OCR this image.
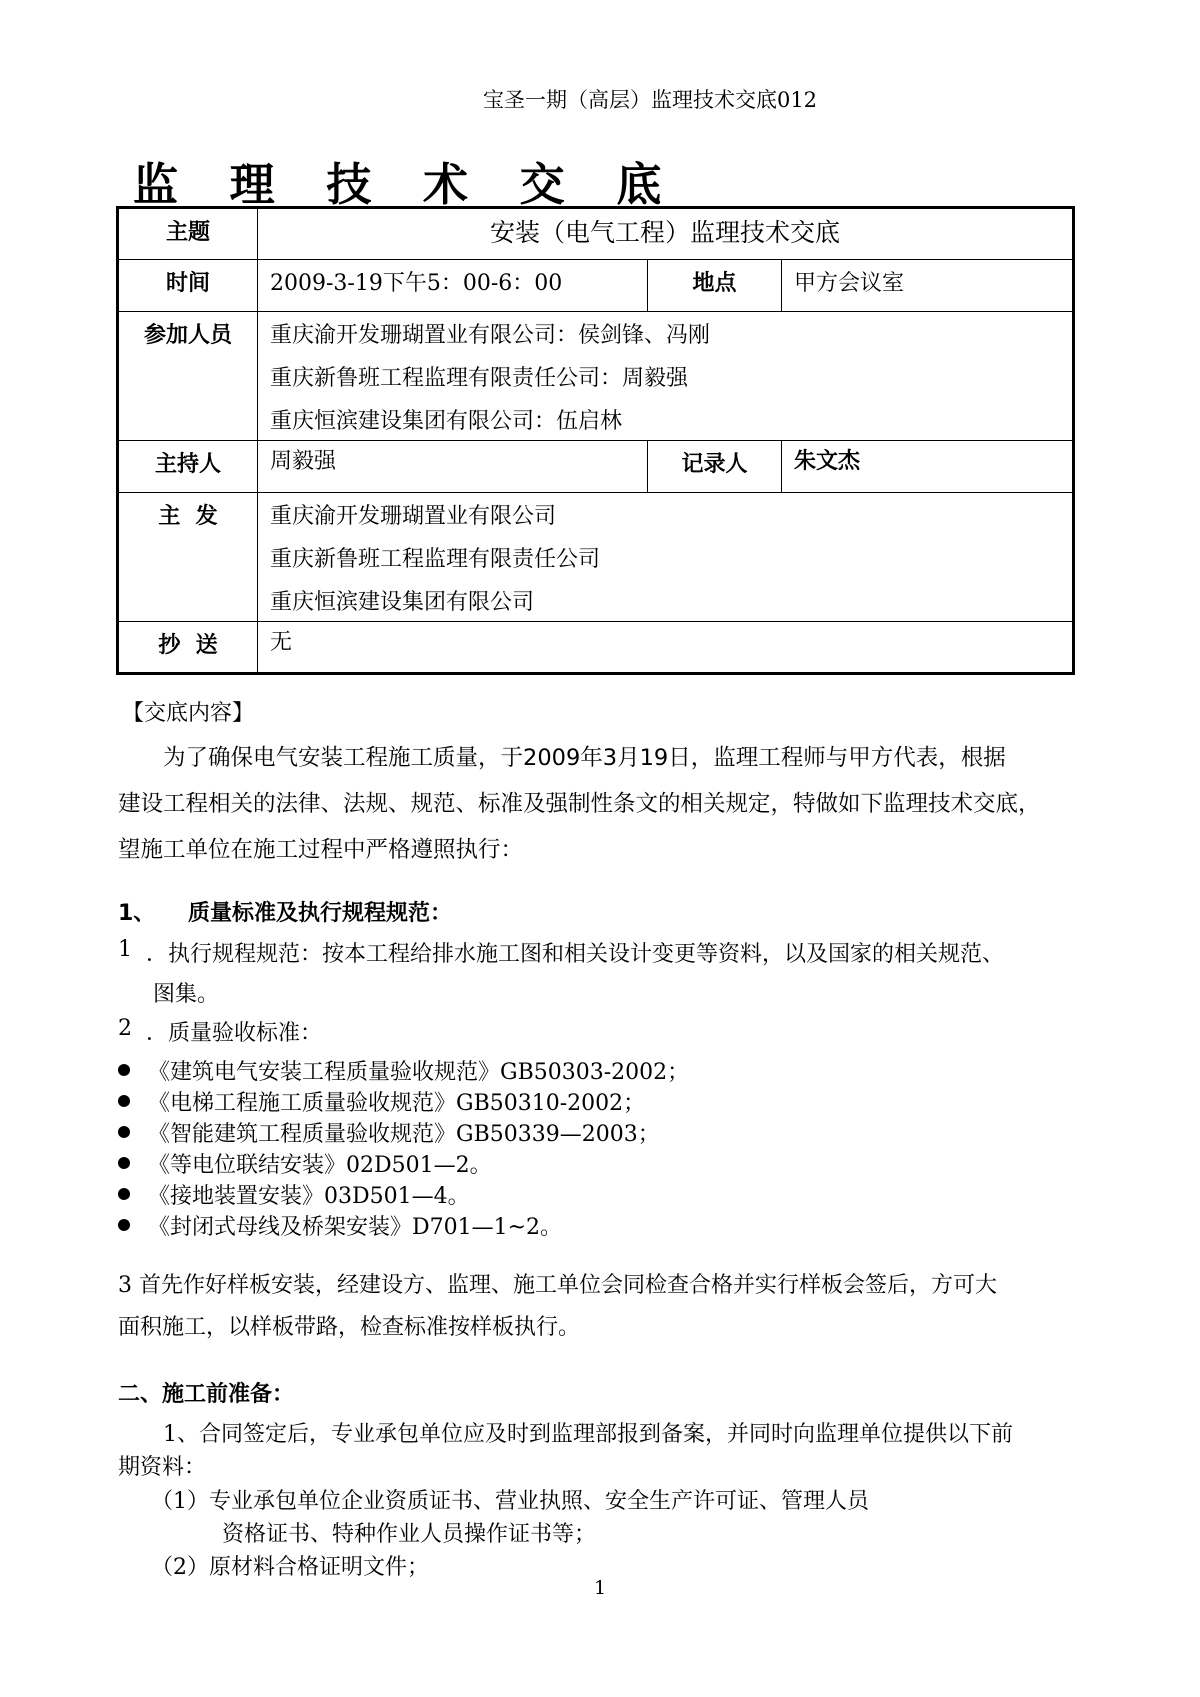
宝圣一期（高层）监理技术交底012
监 理 技 术 交 底
主题	安装（电气工程）监理技术交底		
时间	2009-3-19下午5：00-6：00	地点	甲方会议室
参加人员	重庆渝开发珊瑚置业有限公司：侯剑锋、冯刚
重庆新鲁班工程监理有限责任公司：周毅强
重庆恒滨建设集团有限公司：伍启林		

主持人	周毅强	记录人	朱文杰
主  发	重庆渝开发珊瑚置业有限公司
重庆新鲁班工程监理有限责任公司
重庆恒滨建设集团有限公司		

抄  送	无		
【交底内容】
为了确保电气安装工程施工质量，于2009年3月19日，监理工程师与甲方代表，根据
建设工程相关的法律、法规、规范、标准及强制性条文的相关规定，特做如下监理技术交底，
望施工单位在施工过程中严格遵照执行：
1、 质量标准及执行规程规范：
1 ．执行规程规范：按本工程给排水施工图和相关设计变更等资料，以及国家的相关规范、
图集。
2 ．质量验收标准：
《建筑电气安装工程质量验收规范》GB50303-2002；
《电梯工程施工质量验收规范》GB50310-2002；
《智能建筑工程质量验收规范》GB50339—2003；
《等电位联结安装》02D501—2。
《接地装置安装》03D501—4。
《封闭式母线及桥架安装》D701—1~2。
3 首先作好样板安装，经建设方、监理、施工单位会同检查合格并实行样板会签后，方可大
面积施工，以样板带路，检查标准按样板执行。
二、施工前准备：
1、合同签定后，专业承包单位应及时到监理部报到备案，并同时向监理单位提供以下前
期资料：
（1）专业承包单位企业资质证书、营业执照、安全生产许可证、管理人员
资格证书、特种作业人员操作证书等；
（2）原材料合格证明文件；
1
